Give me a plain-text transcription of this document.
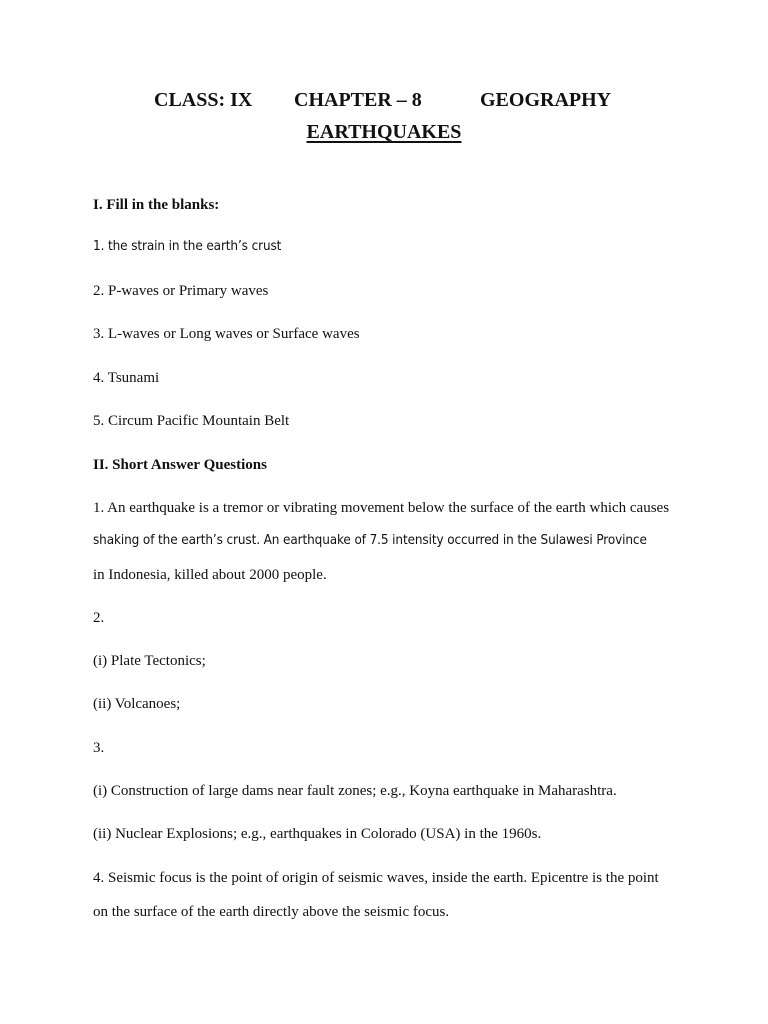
CLASS: IX CHAPTER – 8	GEOGRAPHY
EARTHQUAKES
I. Fill in the blanks:
1. the strain in the earth’s crust
2. P-waves or Primary waves
3. L-waves or Long waves or Surface waves
4. Tsunami
5. Circum Pacific Mountain Belt
II. Short Answer Questions
1. An earthquake is a tremor or vibrating movement below the surface of the earth which causes
shaking of the earth’s crust. An earthquake of 7.5 intensity occurred in the Sulawesi Province
in Indonesia, killed about 2000 people.
2.
(i) Plate Tectonics;
(ii) Volcanoes;
3.
(i) Construction of large dams near fault zones; e.g., Koyna earthquake in Maharashtra.
(ii) Nuclear Explosions; e.g., earthquakes in Colorado (USA) in the 1960s.
4. Seismic focus is the point of origin of seismic waves, inside the earth. Epicentre is the point
on the surface of the earth directly above the seismic focus.
